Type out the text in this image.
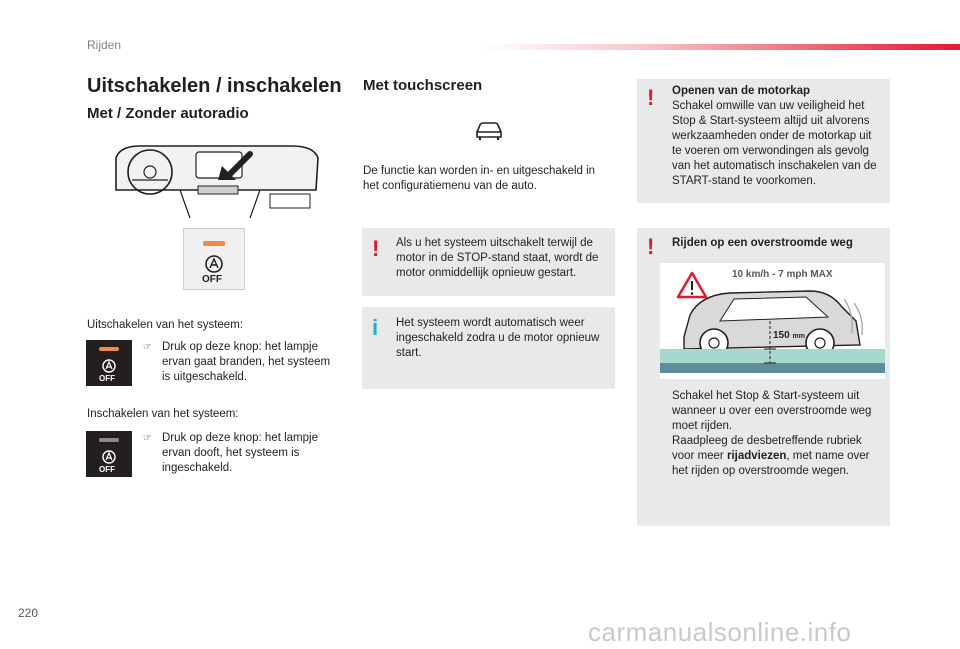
Rijden
Uitschakelen / inschakelen
Met / Zonder autoradio
OFF
Uitschakelen van het systeem:
OFF
☞ Druk op deze knop: het lampje
ervan gaat branden, het systeem
is uitgeschakeld.
Inschakelen van het systeem:
OFF
☞ Druk op deze knop: het lampje
ervan dooft, het systeem is
ingeschakeld.
Met touchscreen
De functie kan worden in- en uitgeschakeld in
het configuratiemenu van de auto.
! Als u het systeem uitschakelt terwijl de
motor in de STOP-stand staat, wordt de
motor onmiddellijk opnieuw gestart.
i Het systeem wordt automatisch weer
ingeschakeld zodra u de motor opnieuw
start.
! Openen van de motorkap
Schakel omwille van uw veiligheid het
Stop & Start-systeem altijd uit alvorens
werkzaamheden onder de motorkap uit
te voeren om verwondingen als gevolg
van het automatisch inschakelen van de
START-stand te voorkomen.
! Rijden op een overstroomde weg
10 km/h - 7 mph MAX
150 mm
Schakel het Stop & Start-systeem uit
wanneer u over een overstroomde weg
moet rijden.
Raadpleeg de desbetreffende rubriek
voor meer rijadviezen, met name over
het rijden op overstroomde wegen.
220
carmanualsonline.info
